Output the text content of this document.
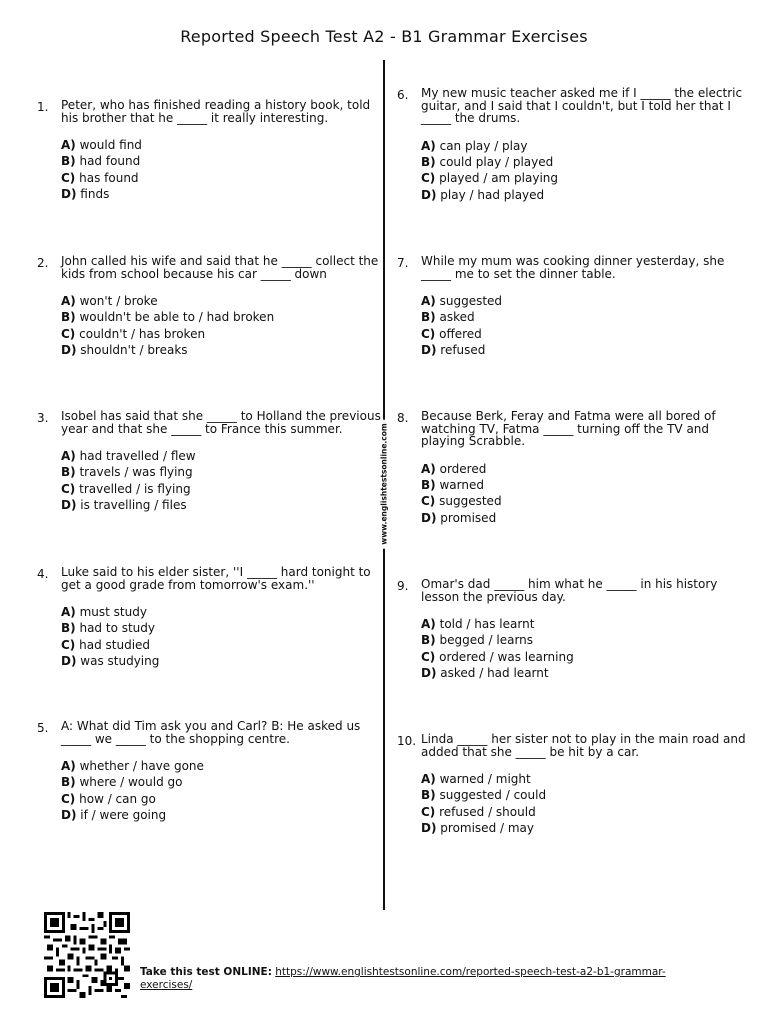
Reported Speech Test A2 - B1 Grammar Exercises
www.englishtestsonline.com
1. Peter, who has finished reading a history book, told his brother that he _____ it really interesting.
A) would find
B) had found
C) has found
D) finds
2. John called his wife and said that he _____ collect the kids from school because his car _____ down
A) won't / broke
B) wouldn't be able to / had broken
C) couldn't / has broken
D) shouldn't / breaks
3. Isobel has said that she _____ to Holland the previous year and that she _____ to France this summer.
A) had travelled / flew
B) travels / was flying
C) travelled / is flying
D) is travelling / files
4. Luke said to his elder sister, ''I _____ hard tonight to get a good grade from tomorrow's exam.''
A) must study
B) had to study
C) had studied
D) was studying
5. A: What did Tim ask you and Carl? B: He asked us _____ we _____ to the shopping centre.
A) whether / have gone
B) where / would go
C) how / can go
D) if / were going
6. My new music teacher asked me if I _____ the electric guitar, and I said that I couldn't, but I told her that I _____ the drums.
A) can play / play
B) could play / played
C) played / am playing
D) play / had played
7. While my mum was cooking dinner yesterday, she _____ me to set the dinner table.
A) suggested
B) asked
C) offered
D) refused
8. Because Berk, Feray and Fatma were all bored of watching TV, Fatma _____ turning off the TV and playing Scrabble.
A) ordered
B) warned
C) suggested
D) promised
9. Omar's dad _____ him what he _____ in his history lesson the previous day.
A) told / has learnt
B) begged / learns
C) ordered / was learning
D) asked / had learnt
10. Linda _____ her sister not to play in the main road and added that she _____ be hit by a car.
A) warned / might
B) suggested / could
C) refused / should
D) promised / may
Take this test ONLINE: https://www.englishtestsonline.com/reported-speech-test-a2-b1-grammar-exercises/
